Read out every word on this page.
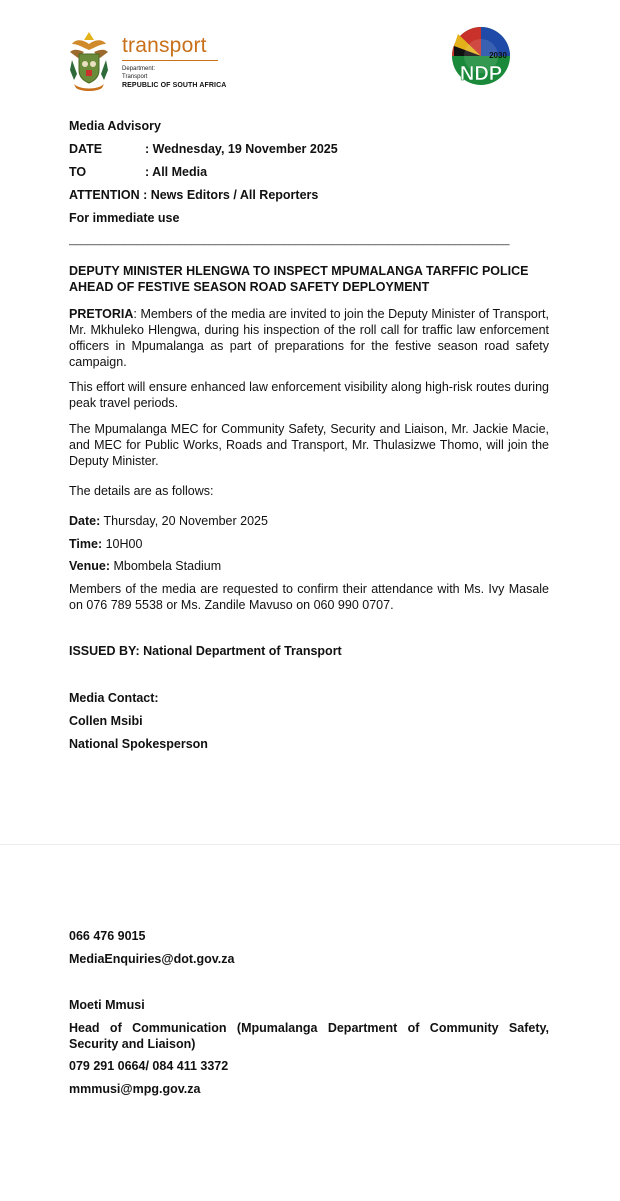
transport
Department:
Transport
REPUBLIC OF SOUTH AFRICA
NDP
2030
Media Advisory
DATE	: Wednesday, 19 November 2025
TO	: All Media
ATTENTION : News Editors / All Reporters
For immediate use
________________________________________________________________________
DEPUTY MINISTER HLENGWA TO INSPECT MPUMALANGA TARFFIC POLICE
AHEAD OF FESTIVE SEASON ROAD SAFETY DEPLOYMENT
PRETORIA: Members of the media are invited to join the Deputy Minister of Transport, Mr. Mkhuleko Hlengwa, during his inspection of the roll call for traffic law enforcement officers in Mpumalanga as part of preparations for the festive season road safety campaign.
This effort will ensure enhanced law enforcement visibility along high-risk routes during peak travel periods.
The Mpumalanga MEC for Community Safety, Security and Liaison, Mr. Jackie Macie, and MEC for Public Works, Roads and Transport, Mr. Thulasizwe Thomo, will join the Deputy Minister.
The details are as follows:
Date: Thursday, 20 November 2025
Time: 10H00
Venue: Mbombela Stadium
Members of the media are requested to confirm their attendance with Ms. Ivy Masale on 076 789 5538 or Ms. Zandile Mavuso on 060 990 0707.
ISSUED BY: National Department of Transport
Media Contact:
Collen Msibi
National Spokesperson
066 476 9015
MediaEnquiries@dot.gov.za
Moeti Mmusi
Head of Communication (Mpumalanga Department of Community Safety, Security and Liaison)
079 291 0664/ 084 411 3372
mmmusi@mpg.gov.za
